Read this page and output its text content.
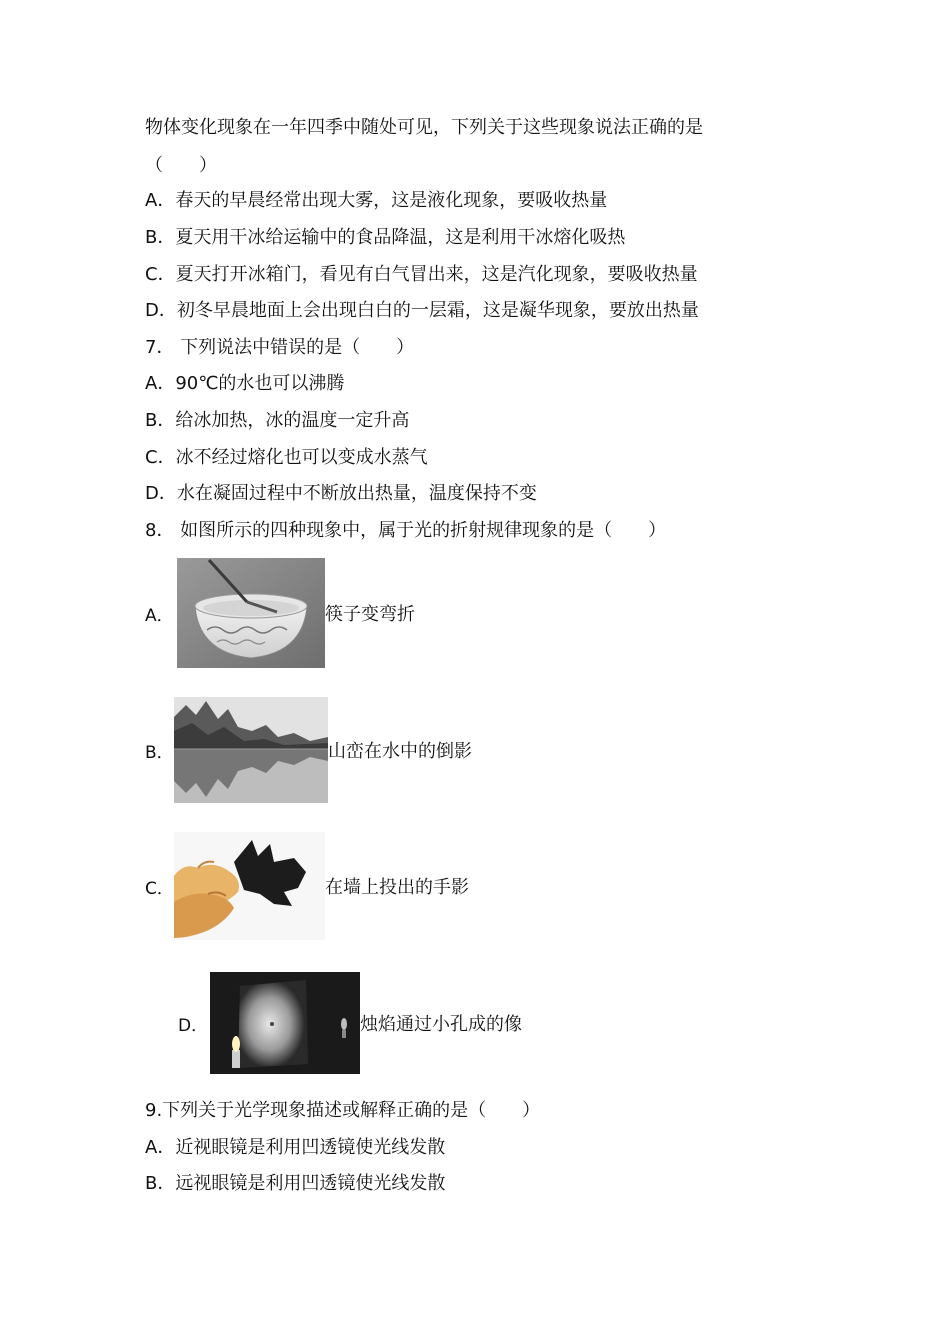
物体变化现象在一年四季中随处可见，下列关于这些现象说法正确的是
（　　）
A．春天的早晨经常出现大雾，这是液化现象，要吸收热量
B．夏天用干冰给运输中的食品降温，这是利用干冰熔化吸热
C．夏天打开冰箱门，看见有白气冒出来，这是汽化现象，要吸收热量
D．初冬早晨地面上会出现白白的一层霜，这是凝华现象，要放出热量
7． 下列说法中错误的是（　　）
A．90℃的水也可以沸腾
B．给冰加热，冰的温度一定升高
C．冰不经过熔化也可以变成水蒸气
D．水在凝固过程中不断放出热量，温度保持不变
8． 如图所示的四种现象中，属于光的折射规律现象的是（　　）
A．	筷子变弯折
B．	山峦在水中的倒影
C．	在墙上投出的手影
D．	烛焰通过小孔成的像
9.下列关于光学现象描述或解释正确的是（　　）
A．近视眼镜是利用凹透镜使光线发散
B．远视眼镜是利用凹透镜使光线发散
